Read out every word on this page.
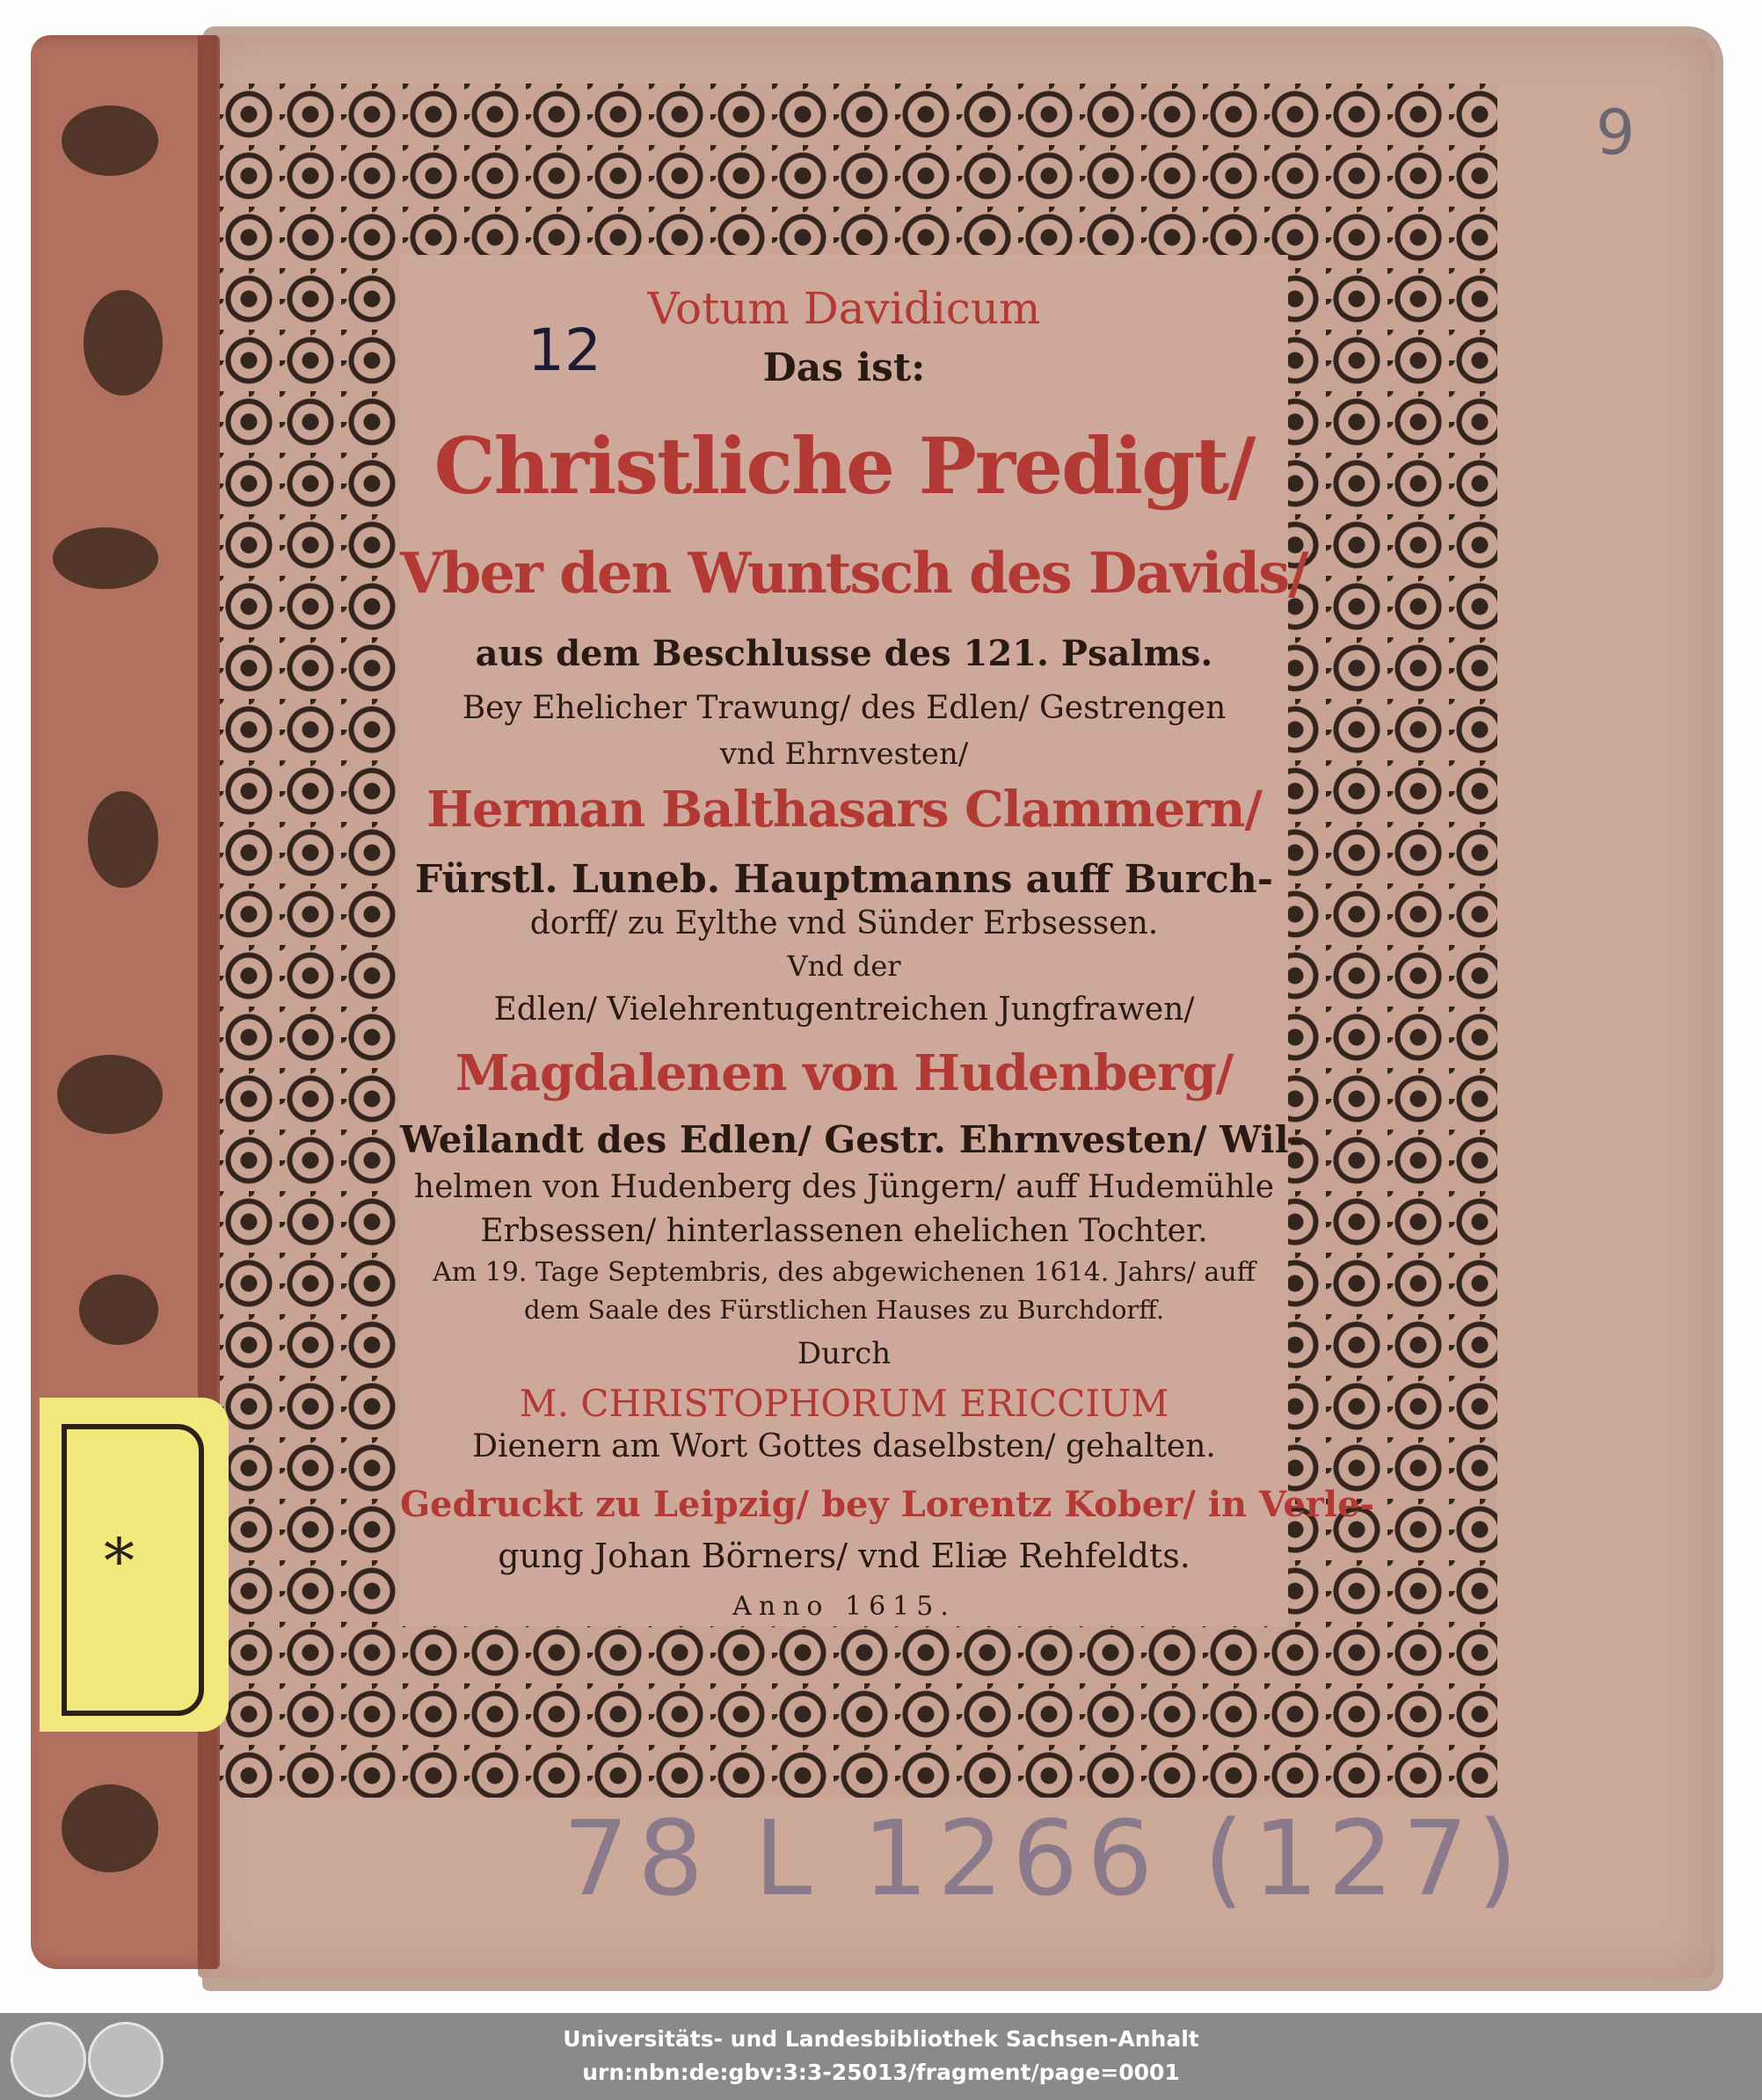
9
Votum Davidicum
12	Das ist:
Christliche Predigt/
Vber den Wuntsch des Davids/
aus dem Beschlusse des 121. Psalms.
Bey Ehelicher Trawung/ des Edlen/ Gestrengen
vnd Ehrnvesten/
Herman Balthasars Clammern/
Fürstl. Luneb. Hauptmanns auff Burch-
dorff/ zu Eylthe vnd Sünder Erbsessen.
Vnd der
Edlen/ Vielehrentugentreichen Jungfrawen/
Magdalenen von Hudenberg/
Weilandt des Edlen/ Gestr. Ehrnvesten/ Wil-
helmen von Hudenberg des Jüngern/ auff Hudemühle
Erbsessen/ hinterlassenen ehelichen Tochter.
Am 19. Tage Septembris, des abgewichenen 1614. Jahrs/ auff
dem Saale des Fürstlichen Hauses zu Burchdorff.
Durch
M. CHRISTOPHORUM ERICCIUM
Dienern am Wort Gottes daselbsten/ gehalten.
Gedruckt zu Leipzig/ bey Lorentz Kober/ in Verle-
gung Johan Börners/ vnd Eliæ Rehfeldts.
Anno 1615.
*
78 L 1266 (127)
Universitäts- und Landesbibliothek Sachsen-Anhalt
urn:nbn:de:gbv:3:3-25013/fragment/page=0001
